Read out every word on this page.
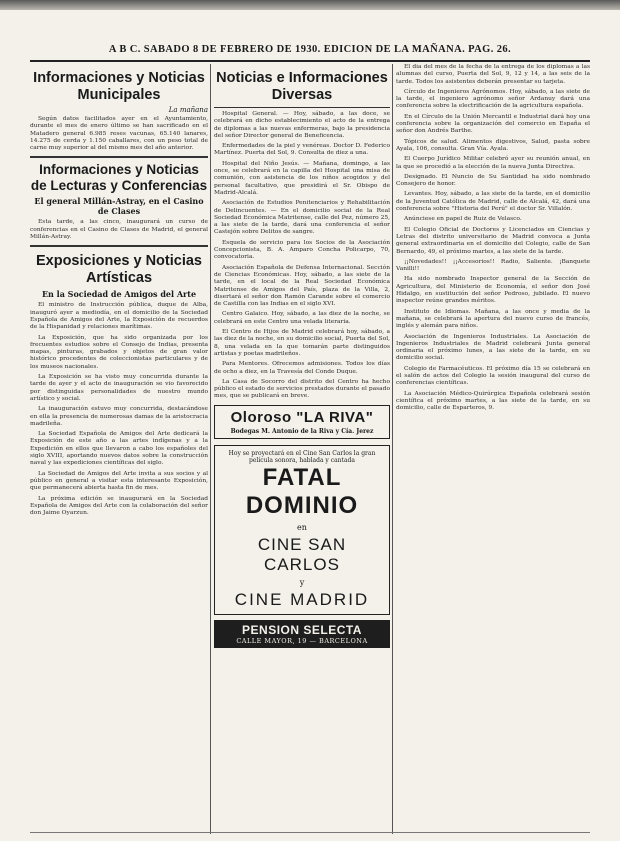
A B C. SABADO 8 DE FEBRERO DE 1930. EDICION DE LA MAÑANA. PAG. 26.
Informaciones y Noticias Municipales
La mañana
Según datos facilitados ayer en el Ayuntamiento, durante el mes de enero último se han sacrificado en el Matadero general 6.985 reses vacunas, 65.140 lanares, 14.275 de cerda y 1.150 caballares, con un peso total de carne muy superior al del mismo mes del año anterior.
Informaciones y Noticias de Lecturas y Conferencias
El general Millán-Astray, en el Casino de Clases
Esta tarde, a las cinco, inaugurará un curso de conferencias en el Casino de Clases de Madrid, el general Millán-Astray.
Exposiciones y Noticias Artísticas
En la Sociedad de Amigos del Arte
El ministro de Instrucción pública, duque de Alba, inauguró ayer a mediodía, en el domicilio de la Sociedad Española de Amigos del Arte, la Exposición de recuerdos de la Hispanidad y relaciones marítimas.
La Exposición, que ha sido organizada por los frecuentes estudios sobre el Consejo de Indias, presenta mapas, pinturas, grabados y objetos de gran valor histórico procedentes de coleccionistas particulares y de los museos nacionales.
La Exposición se ha visto muy concurrida durante la tarde de ayer y el acto de inauguración se vio favorecido por distinguidas personalidades de nuestro mundo artístico y social.
La inauguración estuvo muy concurrida, destacándose en ella la presencia de numerosas damas de la aristocracia madrileña.
La Sociedad Española de Amigos del Arte dedicará la Exposición de este año a las artes indígenas y a la Expedición en ellos que llevaron a cabo los españoles del siglo XVIII, aportando nuevos datos sobre la construcción naval y las expediciones científicas del siglo.
La Sociedad de Amigos del Arte invita a sus socios y al público en general a visitar esta interesante Exposición, que permanecerá abierta hasta fin de mes.
La próxima edición se inaugurará en la Sociedad Española de Amigos del Arte con la colaboración del señor don Jaime Oyarzun.
Noticias e Informaciones Diversas
Hospital General. — Hoy, sábado, a las doce, se celebrará en dicho establecimiento el acto de la entrega de diplomas a las nuevas enfermeras, bajo la presidencia del señor Director general de Beneficencia.
Enfermedades de la piel y venéreas. Doctor D. Federico Martínez. Puerta del Sol, 9. Consulta de diez a una.
Hospital del Niño Jesús. — Mañana, domingo, a las once, se celebrará en la capilla del Hospital una misa de comunión, con asistencia de los niños acogidos y del personal facultativo, que presidirá el Sr. Obispo de Madrid-Alcalá.
Asociación de Estudios Penitenciarios y Rehabilitación de Delincuentes. — En el domicilio social de la Real Sociedad Económica Matritense, calle del Pez, número 25, a las siete de la tarde, dará una conferencia el señor Castejón sobre Delitos de sangre.
Esquela de servicio para los Socios de la Asociación Concepcionista, B. A. Amparo Concha Policarpo, 70, convocatoria.
Asociación Española de Defensa Internacional. Sección de Ciencias Económicas. Hoy, sábado, a las siete de la tarde, en el local de la Real Sociedad Económica Matritense de Amigos del País, plaza de la Villa, 2, disertará el señor don Ramón Carande sobre el comercio de Castilla con las Indias en el siglo XVI.
Centro Galaico. Hoy, sábado, a las diez de la noche, se celebrará en este Centro una velada literaria.
El Centro de Hijos de Madrid celebrará hoy, sábado, a las diez de la noche, en su domicilio social, Puerta del Sol, 8, una velada en la que tomarán parte distinguidos artistas y poetas madrileños.
Para Mentores. Ofrecemos admisiones. Todos los días de ocho a diez, en la Travesía del Conde Duque.
La Casa de Socorro del distrito del Centro ha hecho público el estado de servicios prestados durante el pasado mes, que se publicará en breve.
Oloroso "LA RIVA"
Bodegas M. Antonio de la Riva y Cía. Jerez
Hoy se proyectará en el Cine San Carlos la gran película sonora, hablada y cantada
FATAL DOMINIO
en
CINE SAN CARLOS
y
CINE MADRID
PENSION SELECTA
CALLE MAYOR, 19 — BARCELONA
El día del mes de la fecha de la entrega de los diplomas a las alumnas del curso, Puerta del Sol, 9, 12 y 14, a las seis de la tarde. Todos los asistentes deberán presentar su tarjeta.
Círculo de Ingenieros Agrónomos. Hoy, sábado, a las siete de la tarde, el ingeniero agrónomo señor Ardanuy dará una conferencia sobre la electrificación de la agricultura española.
En el Círculo de la Unión Mercantil e Industrial dará hoy una conferencia sobre la organización del comercio en España el señor don Andrés Barthe.
Tópicos de salud. Alimentos digestivos, Salud, pasta sobre Ayala, 106, consulta. Gran Vía. Ayala.
El Cuerpo Jurídico Militar celebró ayer su reunión anual, en la que se procedió a la elección de la nueva Junta Directiva.
Designado. El Nuncio de Su Santidad ha sido nombrado Consejero de honor.
Levantes. Hoy, sábado, a las siete de la tarde, en el domicilio de la Juventud Católica de Madrid, calle de Alcalá, 42, dará una conferencia sobre "Historia del Perú" el doctor Sr. Villalón.
Anúnciese en papel de Ruiz de Velasco.
El Colegio Oficial de Doctores y Licenciados en Ciencias y Letras del distrito universitario de Madrid convoca a Junta general extraordinaria en el domicilio del Colegio, calle de San Bernardo, 49, el próximo martes, a las siete de la tarde.
¡¡Novedades!! ¡¡Accesorios!! Radio, Saliente. ¡Banquete Vanilli!!
Ha sido nombrado Inspector general de la Sección de Agricultura, del Ministerio de Economía, el señor don José Hidalgo, en sustitución del señor Pedroso, jubilado. El nuevo inspector reúne grandes méritos.
Instituto de Idiomas. Mañana, a las once y media de la mañana, se celebrará la apertura del nuevo curso de francés, inglés y alemán para niños.
Asociación de Ingenieros Industriales. La Asociación de Ingenieros Industriales de Madrid celebrará Junta general ordinaria el próximo lunes, a las siete de la tarde, en su domicilio social.
Colegio de Farmacéuticos. El próximo día 15 se celebrará en el salón de actos del Colegio la sesión inaugural del curso de conferencias científicas.
La Asociación Médico-Quirúrgica Española celebrará sesión científica el próximo martes, a las siete de la tarde, en su domicilio, calle de Esparteros, 9.
